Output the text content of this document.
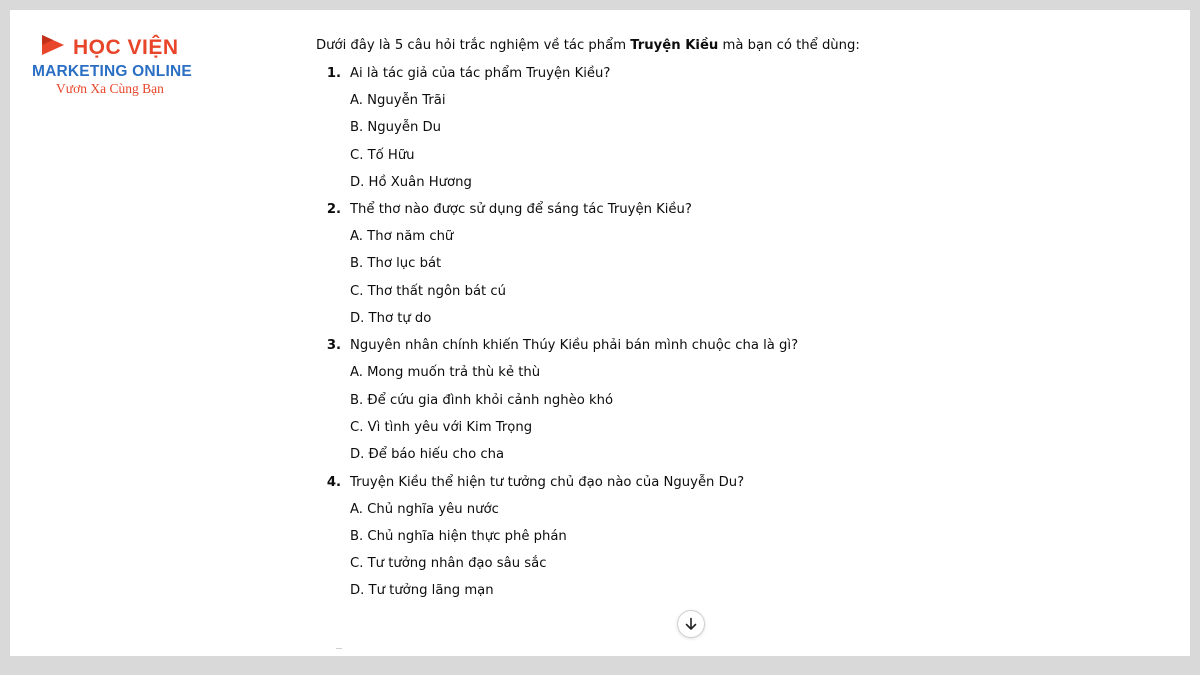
HỌC VIỆN
MARKETING ONLINE
Vươn Xa Cùng Bạn

Dưới đây là 5 câu hỏi trắc nghiệm về tác phẩm Truyện Kiều mà bạn có thể dùng:

1. Ai là tác giả của tác phẩm Truyện Kiều?
A. Nguyễn Trãi
B. Nguyễn Du
C. Tố Hữu
D. Hồ Xuân Hương
2. Thể thơ nào được sử dụng để sáng tác Truyện Kiều?
A. Thơ năm chữ
B. Thơ lục bát
C. Thơ thất ngôn bát cú
D. Thơ tự do
3. Nguyên nhân chính khiến Thúy Kiều phải bán mình chuộc cha là gì?
A. Mong muốn trả thù kẻ thù
B. Để cứu gia đình khỏi cảnh nghèo khó
C. Vì tình yêu với Kim Trọng
D. Để báo hiếu cho cha
4. Truyện Kiều thể hiện tư tưởng chủ đạo nào của Nguyễn Du?
A. Chủ nghĩa yêu nước
B. Chủ nghĩa hiện thực phê phán
C. Tư tưởng nhân đạo sâu sắc
D. Tư tưởng lãng mạn
